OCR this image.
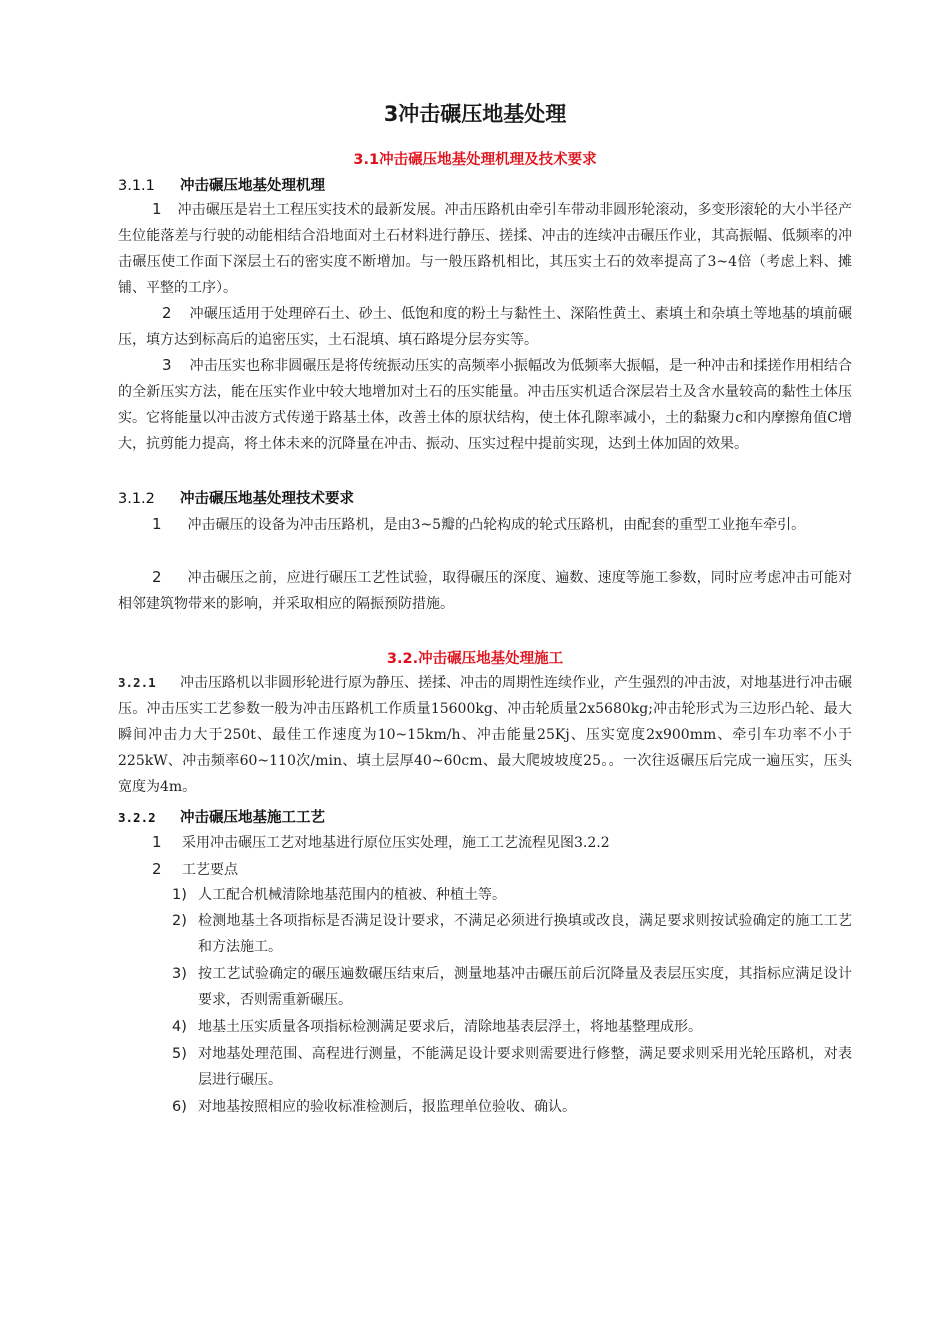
3冲击碾压地基处理
3.1冲击碾压地基处理机理及技术要求
3.1.1 冲击碾压地基处理机理
1 冲击碾压是岩土工程压实技术的最新发展。冲击压路机由牵引车带动非圆形轮滚动，多变形滚轮的大小半径产生位能落差与行驶的动能相结合沿地面对土石材料进行静压、搓揉、冲击的连续冲击碾压作业，其高振幅、低频率的冲击碾压使工作面下深层土石的密实度不断增加。与一般压路机相比，其压实土石的效率提高了3~4倍（考虑上料、摊铺、平整的工序）。
2 冲碾压适用于处理碎石土、砂土、低饱和度的粉土与黏性土、深陷性黄土、素填土和杂填土等地基的填前碾压，填方达到标高后的追密压实，土石混填、填石路堤分层夯实等。
3 冲击压实也称非圆碾压是将传统振动压实的高频率小振幅改为低频率大振幅，是一种冲击和揉搓作用相结合的全新压实方法，能在压实作业中较大地增加对土石的压实能量。冲击压实机适合深层岩土及含水量较高的黏性土体压实。它将能量以冲击波方式传递于路基土体，改善土体的原状结构，使土体孔隙率减小，土的黏聚力c和内摩擦角值C增大，抗剪能力提高，将土体未来的沉降量在冲击、振动、压实过程中提前实现，达到土体加固的效果。
3.1.2 冲击碾压地基处理技术要求
1 冲击碾压的设备为冲击压路机，是由3~5瓣的凸轮构成的轮式压路机，由配套的重型工业拖车牵引。
2 冲击碾压之前，应进行碾压工艺性试验，取得碾压的深度、遍数、速度等施工参数，同时应考虑冲击可能对相邻建筑物带来的影响，并采取相应的隔振预防措施。
3.2.冲击碾压地基处理施工
3.2.1 冲击压路机以非圆形轮进行原为静压、搓揉、冲击的周期性连续作业，产生强烈的冲击波，对地基进行冲击碾压。冲击压实工艺参数一般为冲击压路机工作质量15600kg、冲击轮质量2x5680kg;冲击轮形式为三边形凸轮、最大瞬间冲击力大于250t、最佳工作速度为10~15km/h、冲击能量25Kj、压实宽度2x900mm、牵引车功率不小于225kW、冲击频率60~110次/min、填土层厚40~60cm、最大爬坡坡度25。。一次往返碾压后完成一遍压实，压头宽度为4m。
3.2.2 冲击碾压地基施工工艺
1 采用冲击碾压工艺对地基进行原位压实处理，施工工艺流程见图3.2.2
2 工艺要点
1) 人工配合机械清除地基范围内的植被、种植土等。
2) 检测地基土各项指标是否满足设计要求，不满足必须进行换填或改良，满足要求则按试验确定的施工工艺和方法施工。
3) 按工艺试验确定的碾压遍数碾压结束后，测量地基冲击碾压前后沉降量及表层压实度，其指标应满足设计要求，否则需重新碾压。
4) 地基土压实质量各项指标检测满足要求后，清除地基表层浮土，将地基整理成形。
5) 对地基处理范围、高程进行测量，不能满足设计要求则需要进行修整，满足要求则采用光轮压路机，对表层进行碾压。
6) 对地基按照相应的验收标准检测后，报监理单位验收、确认。
